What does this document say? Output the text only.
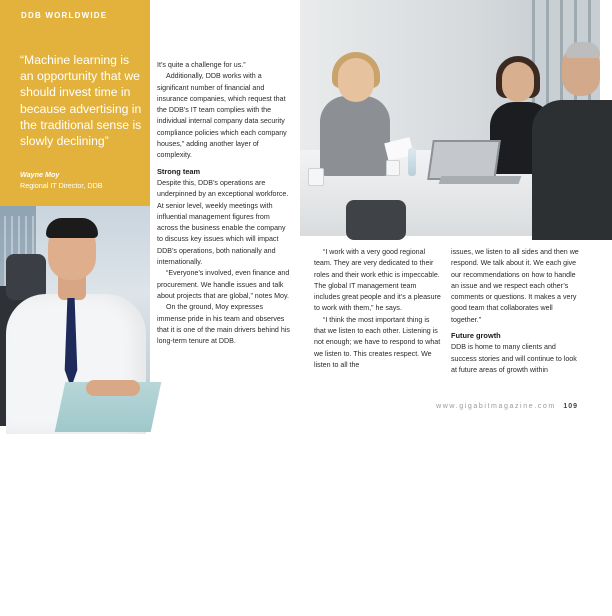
DDB WORLDWIDE
“Machine learning is an opportunity that we should invest time in because advertising in the traditional sense is slowly declining”
Wayne Moy
Regional IT Director, DDB
108

It’s quite a challenge for us.”

Additionally, DDB works with a significant number of financial and insurance companies, which request that the DDB’s IT team complies with the individual internal company data security compliance policies which each company houses,” adding another layer of complexity.

Strong team

Despite this, DDB’s operations are underpinned by an exceptional workforce. At senior level, weekly meetings with influential management figures from across the business enable the company to discuss key issues which will impact DDB’s operations, both nationally and internationally.

“Everyone’s involved, even finance and procurement. We handle issues and talk about projects that are global,” notes Moy.

On the ground, Moy expresses immense pride in his team and observes that it is one of the main drivers behind his long-term tenure at DDB.

“I work with a very good regional team. They are very dedicated to their roles and their work ethic is impeccable. The global IT management team includes great people and it’s a pleasure to work with them,” he says.

“I think the most important thing is that we listen to each other. Listening is not enough; we have to respond to what we listen to. This creates respect. We listen to all the

issues, we listen to all sides and then we respond. We talk about it. We each give our recommendations on how to handle an issue and we respect each other’s comments or questions. It makes a very good team that collaborates well together.”

Future growth

DDB is home to many clients and success stories and will continue to look at future areas of growth within

www.gigabitmagazine.com 109
